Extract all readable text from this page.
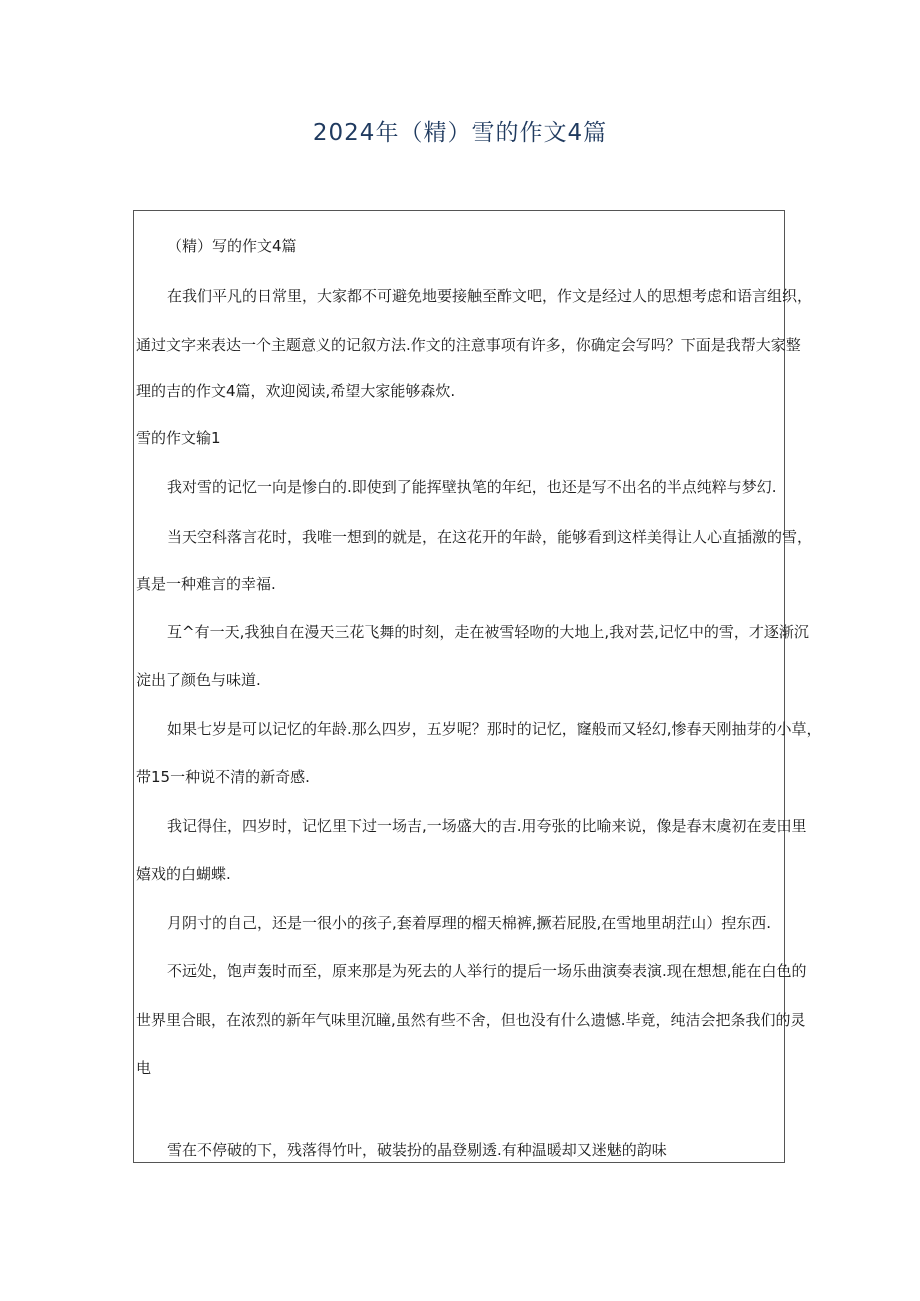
2024年（精）雪的作文4篇
（精）写的作文4篇
在我们平凡的日常里，大家都不可避免地要接触至酢文吧，作文是经过人的思想考虑和语言组织，
通过文字来表达一个主题意义的记叙方法.作文的注意事项有许多，你确定会写吗？下面是我帮大家整
理的吉的作文4篇，欢迎阅读,希望大家能够森炊.
雪的作文输1
我对雪的记忆一向是惨白的.即使到了能挥壁执笔的年纪，也还是写不出名的半点纯粹与梦幻.
当天空科落言花时，我唯一想到的就是，在这花开的年龄，能够看到这样美得让人心直插激的雪，
真是一种难言的幸福.
互^有一天,我独自在漫天三花飞舞的时刻，走在被雪轻吻的大地上,我对芸,记忆中的雪，才逐渐沉
淀出了颜色与味道.
如果七岁是可以记忆的年龄.那么四岁，五岁呢？那时的记忆，窿般而又轻幻,惨春天刚抽芽的小草，
带15一种说不清的新奇感.
我记得住，四岁时，记忆里下过一场吉,一场盛大的吉.用夸张的比喻来说，像是春末虞初在麦田里
嬉戏的白蝴蝶.
月阴寸的自己，还是一很小的孩子,套着厚理的榴天棉裤,撅若屁股,在雪地里胡茳山）揑东西.
不远处，饱声轰时而至，原来那是为死去的人举行的提后一场乐曲演奏表演.现在想想,能在白色的
世界里合眼，在浓烈的新年气味里沉瞳,虽然有些不舍，但也没有什么遗憾.毕竟，纯洁会把条我们的灵
电
雪在不停破的下，残落得竹叶，破装扮的晶登剔透.有种温暖却又迷魅的韵味
